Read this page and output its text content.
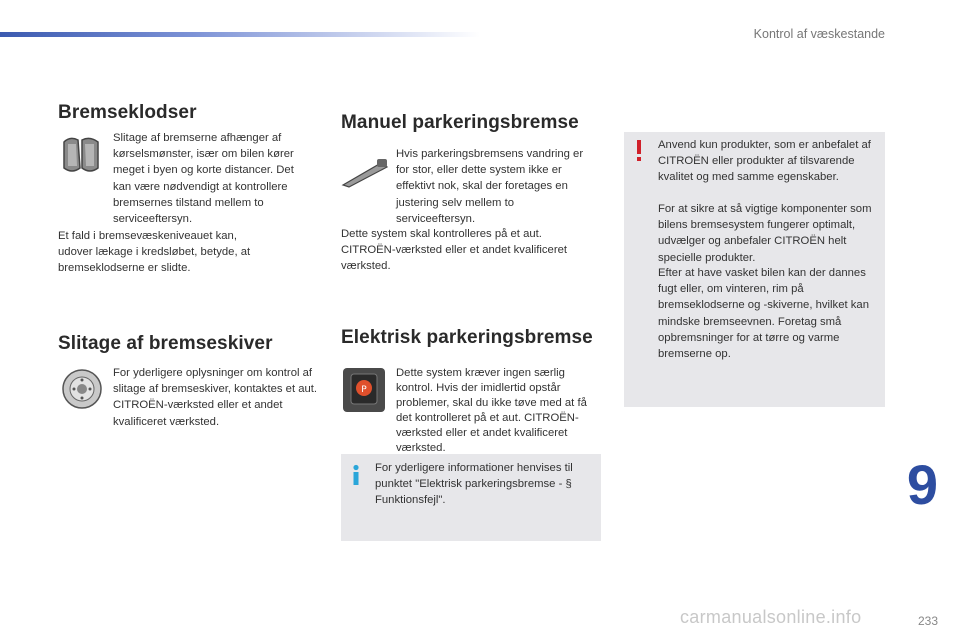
Kontrol af væskestande
Bremseklodser

Slitage af bremserne afhænger af kørselsmønster, især om bilen kører meget i byen og korte distancer. Det kan være nødvendigt at kontrollere bremsernes tilstand mellem to serviceeftersyn.

Et fald i bremsevæskeniveauet kan, udover lækage i kredsløbet, betyde, at bremseklodserne er slidte.

Slitage af bremseskiver

For yderligere oplysninger om kontrol af slitage af bremseskiver, kontaktes et aut. CITROËN-værksted eller et andet kvalificeret værksted.

Manuel parkeringsbremse

Hvis parkeringsbremsens vandring er for stor, eller dette system ikke er effektivt nok, skal der foretages en justering selv mellem to serviceeftersyn.

Dette system skal kontrolleres på et aut. CITROËN-værksted eller et andet kvalificeret værksted.

Elektrisk parkeringsbremse
P

Dette system kræver ingen særlig kontrol. Hvis der imidlertid opstår problemer, skal du ikke tøve med at få det kontrolleret på et aut. CITROËN-værksted eller et andet kvalificeret værksted.

For yderligere informationer henvises til punktet "Elektrisk parkeringsbremse - § Funktionsfejl".

Anvend kun produkter, som er anbefalet af CITROËN eller produkter af tilsvarende kvalitet og med samme egenskaber.

For at sikre at så vigtige komponenter som bilens bremsesystem fungerer optimalt, udvælger og anbefaler CITROËN helt specielle produkter.

Efter at have vasket bilen kan der dannes fugt eller, om vinteren, rim på bremseklodserne og -skiverne, hvilket kan mindske bremseevnen. Foretag små opbremsninger for at tørre og varme bremserne op.

9
233
carmanualsonline.info
